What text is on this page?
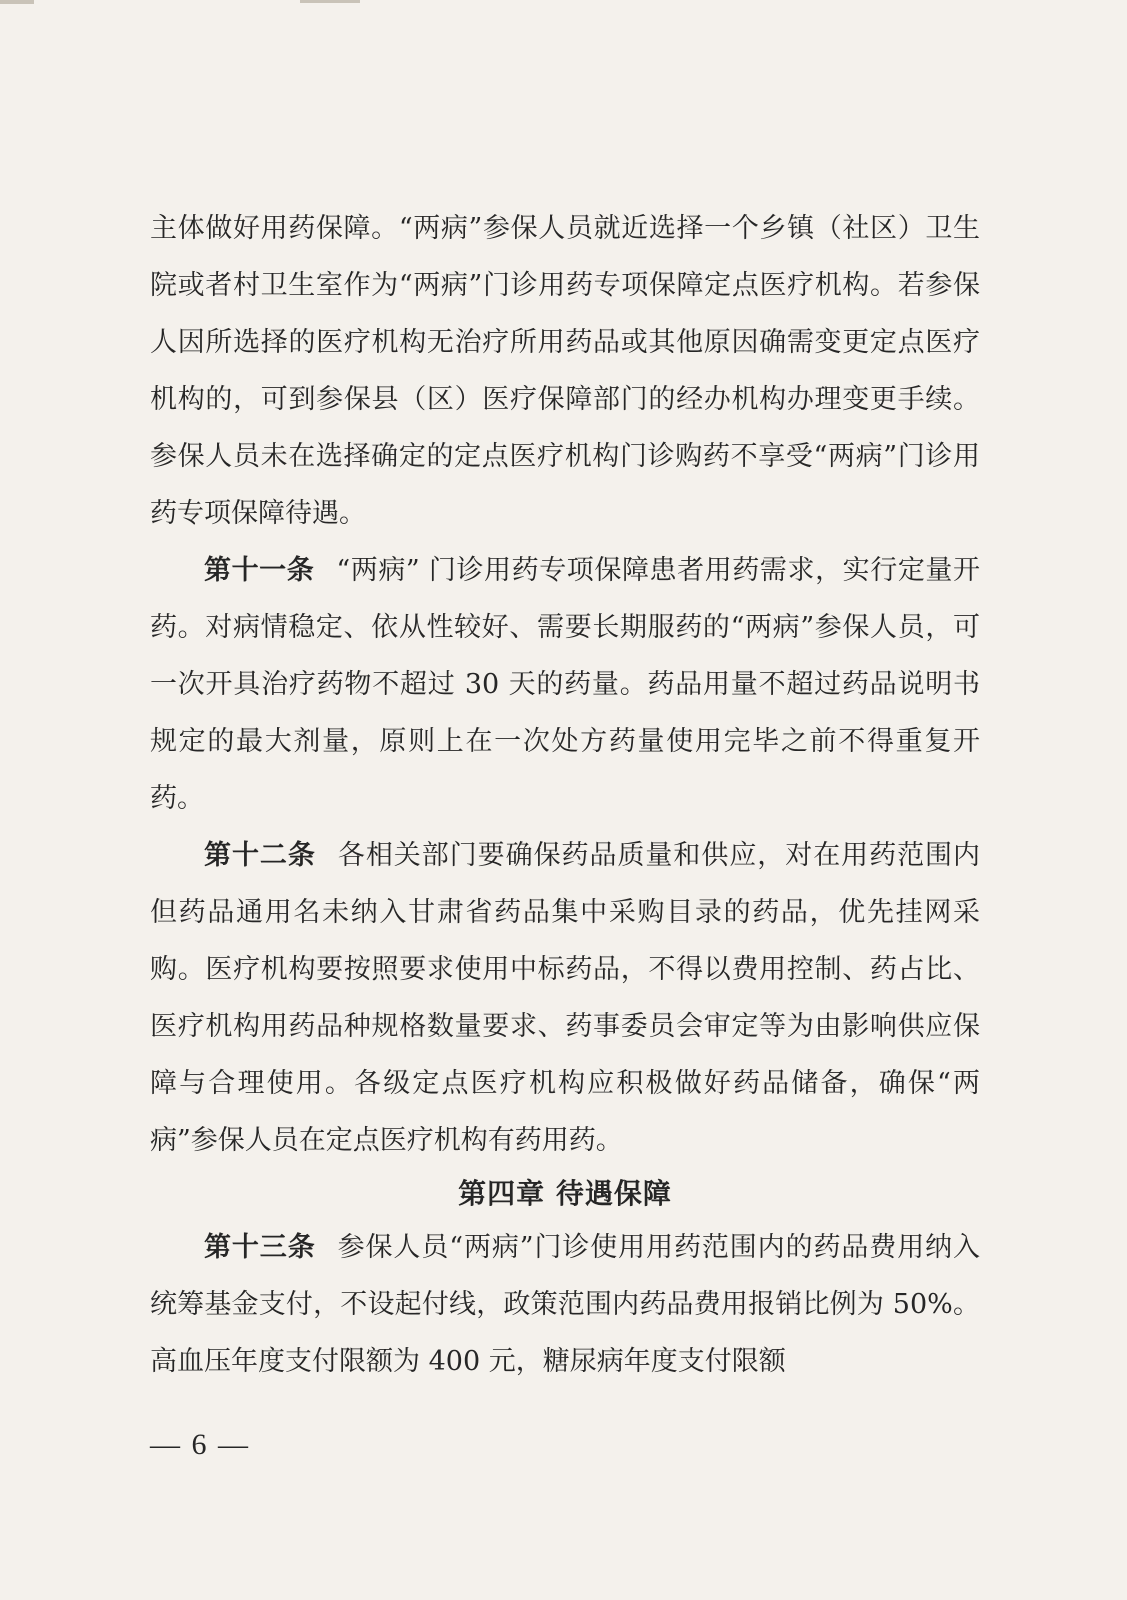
主体做好用药保障。“两病”参保人员就近选择一个乡镇（社区）卫生院或者村卫生室作为“两病”门诊用药专项保障定点医疗机构。若参保人因所选择的医疗机构无治疗所用药品或其他原因确需变更定点医疗机构的，可到参保县（区）医疗保障部门的经办机构办理变更手续。参保人员未在选择确定的定点医疗机构门诊购药不享受“两病”门诊用药专项保障待遇。

第十一条 “两病” 门诊用药专项保障患者用药需求，实行定量开药。对病情稳定、依从性较好、需要长期服药的“两病”参保人员，可一次开具治疗药物不超过 30 天的药量。药品用量不超过药品说明书规定的最大剂量，原则上在一次处方药量使用完毕之前不得重复开药。

第十二条 各相关部门要确保药品质量和供应，对在用药范围内但药品通用名未纳入甘肃省药品集中采购目录的药品，优先挂网采购。医疗机构要按照要求使用中标药品，不得以费用控制、药占比、医疗机构用药品种规格数量要求、药事委员会审定等为由影响供应保障与合理使用。各级定点医疗机构应积极做好药品储备，确保“两病”参保人员在定点医疗机构有药用药。

第四章 待遇保障

第十三条 参保人员“两病”门诊使用用药范围内的药品费用纳入统筹基金支付，不设起付线，政策范围内药品费用报销比例为 50%。高血压年度支付限额为 400 元，糖尿病年度支付限额

— 6 —
